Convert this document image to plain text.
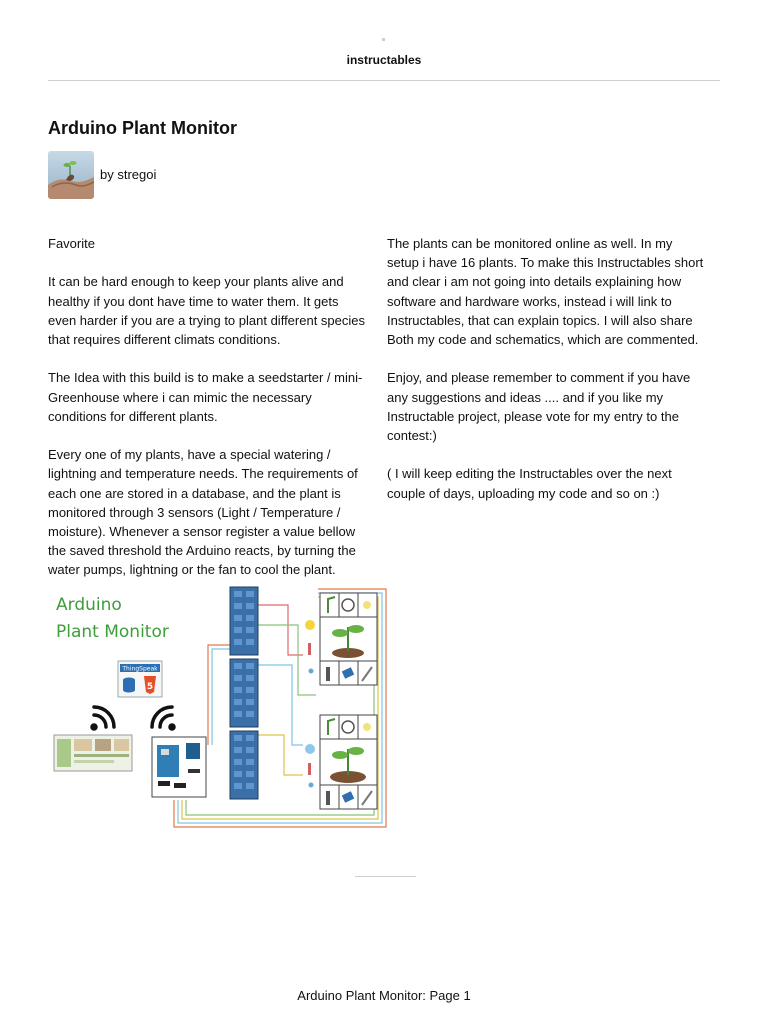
instructables
Arduino Plant Monitor
by stregoi

Favorite

It can be hard enough to keep your plants alive and healthy if you dont have time to water them. It gets even harder if you are a trying to plant different species that requires different climats conditions.

The Idea with this build is to make a seedstarter / mini-Greenhouse where i can mimic the necessary conditions for different plants.

Every one of my plants, have a special watering / lightning and temperature needs. The requirements of each one are stored in a database, and the plant is monitored through 3 sensors (Light / Temperature / moisture). Whenever a sensor register a value bellow the saved threshold the Arduino reacts, by turning the water pumps, lightning or the fan to cool the plant.

The plants can be monitored online as well. In my setup i have 16 plants. To make this Instructables short and clear i am not going into details explaining how software and hardware works, instead i will link to Instructables, that can explain topics. I will also share Both my code and schematics, which are commented.

Enjoy, and please remember to comment if you have any suggestions and ideas .... and if you like my Instructable project, please vote for my entry to the contest:)

( I will keep editing the Instructables over the next couple of days, uploading my code and so on :)

Arduino
Plant Monitor
ThingSpeak
5
Arduino Plant Monitor: Page 1
